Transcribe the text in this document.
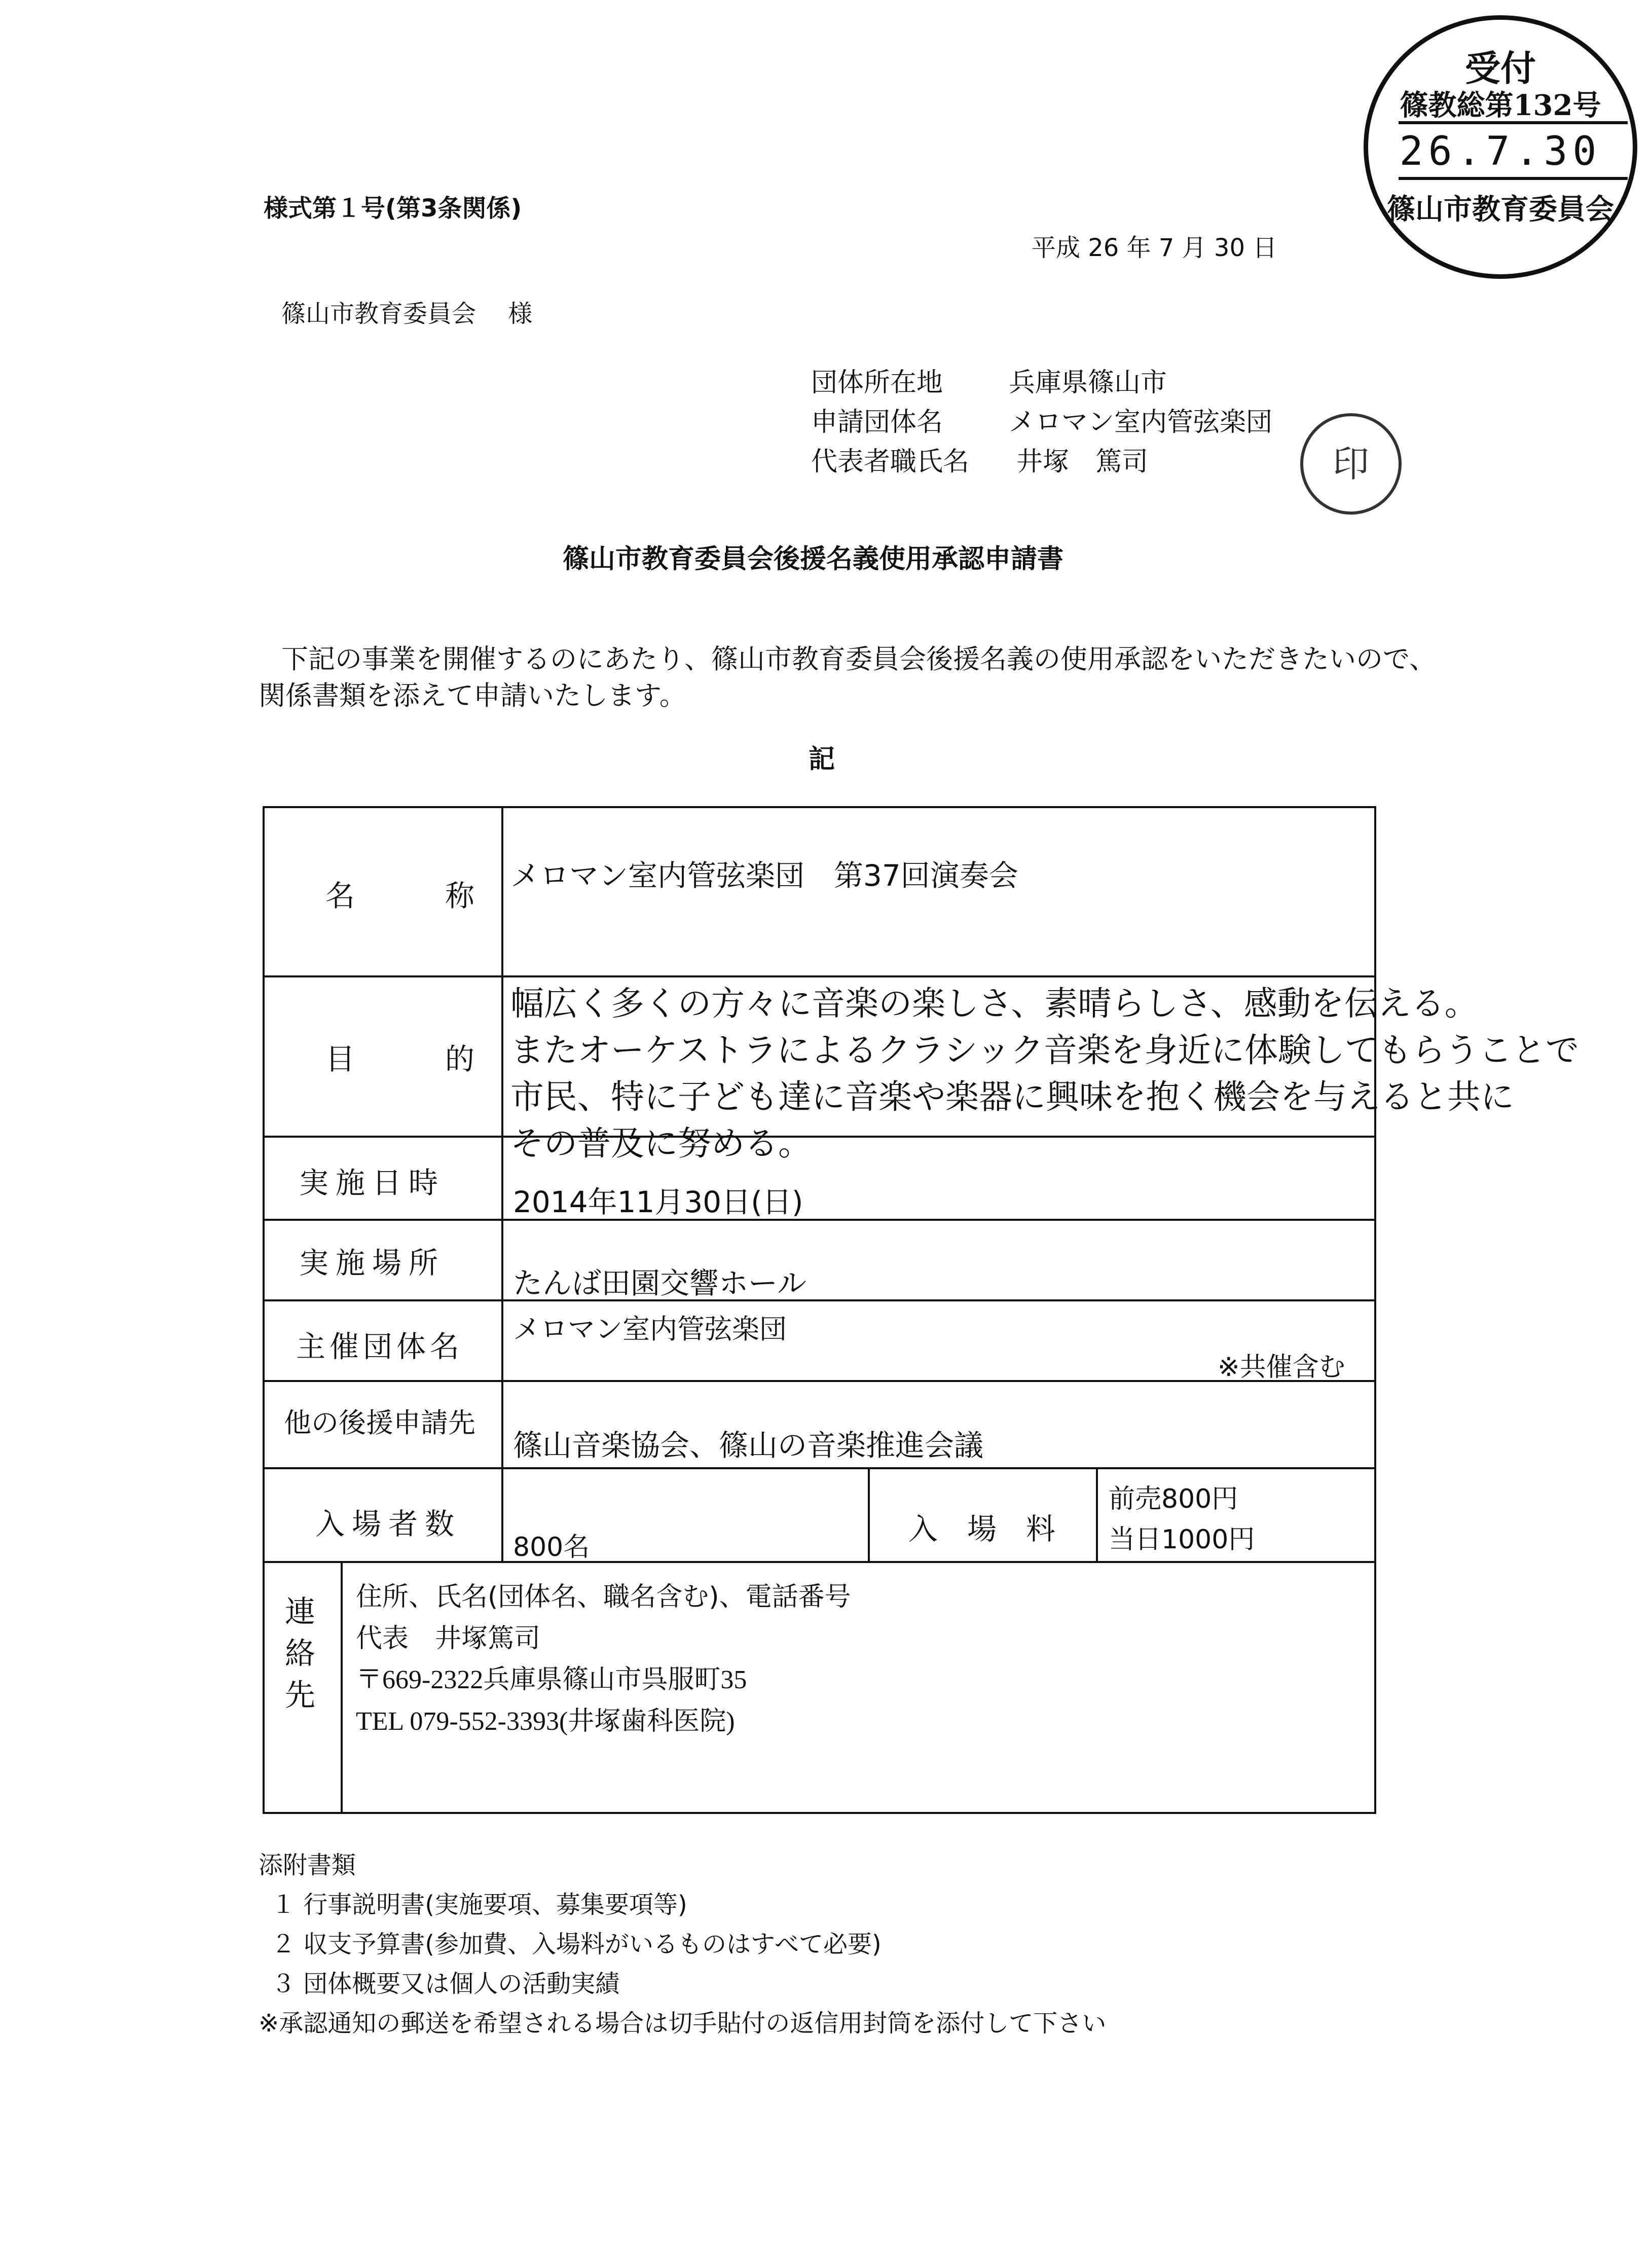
様式第１号(第3条関係)
平成 26 年 7 月 30 日
篠山市教育委員会　 様
受付
篠教総第132号
26.7.30
篠山市教育委員会
団体所在地 兵庫県篠山市
申請団体名 メロマン室内管弦楽団
代表者職氏名 井塚　篤司	印
篠山市教育委員会後援名義使用承認申請書
下記の事業を開催するのにあたり、篠山市教育委員会後援名義の使用承認をいただきたいので、
関係書類を添えて申請いたします。
記
名　称
メロマン室内管弦楽団　第37回演奏会
目　的
幅広く多くの方々に音楽の楽しさ、素晴らしさ、感動を伝える。
またオーケストラによるクラシック音楽を身近に体験してもらうことで
市民、特に子ども達に音楽や楽器に興味を抱く機会を与えると共に
その普及に努める。
実施日時
2014年11月30日(日)
実施場所
たんば田園交響ホール
主催団体名
メロマン室内管弦楽団
※共催含む
他の後援申請先
篠山音楽協会、篠山の音楽推進会議
入場者数
800名
入　場　料
前売800円
当日1000円
連絡先
住所、氏名(団体名、職名含む)、電話番号
代表　井塚篤司
〒669-2322兵庫県篠山市呉服町35
TEL 079-552-3393(井塚歯科医院)
添附書類
１ 行事説明書(実施要項、募集要項等)
２ 収支予算書(参加費、入場料がいるものはすべて必要)
３ 団体概要又は個人の活動実績
※承認通知の郵送を希望される場合は切手貼付の返信用封筒を添付して下さい
